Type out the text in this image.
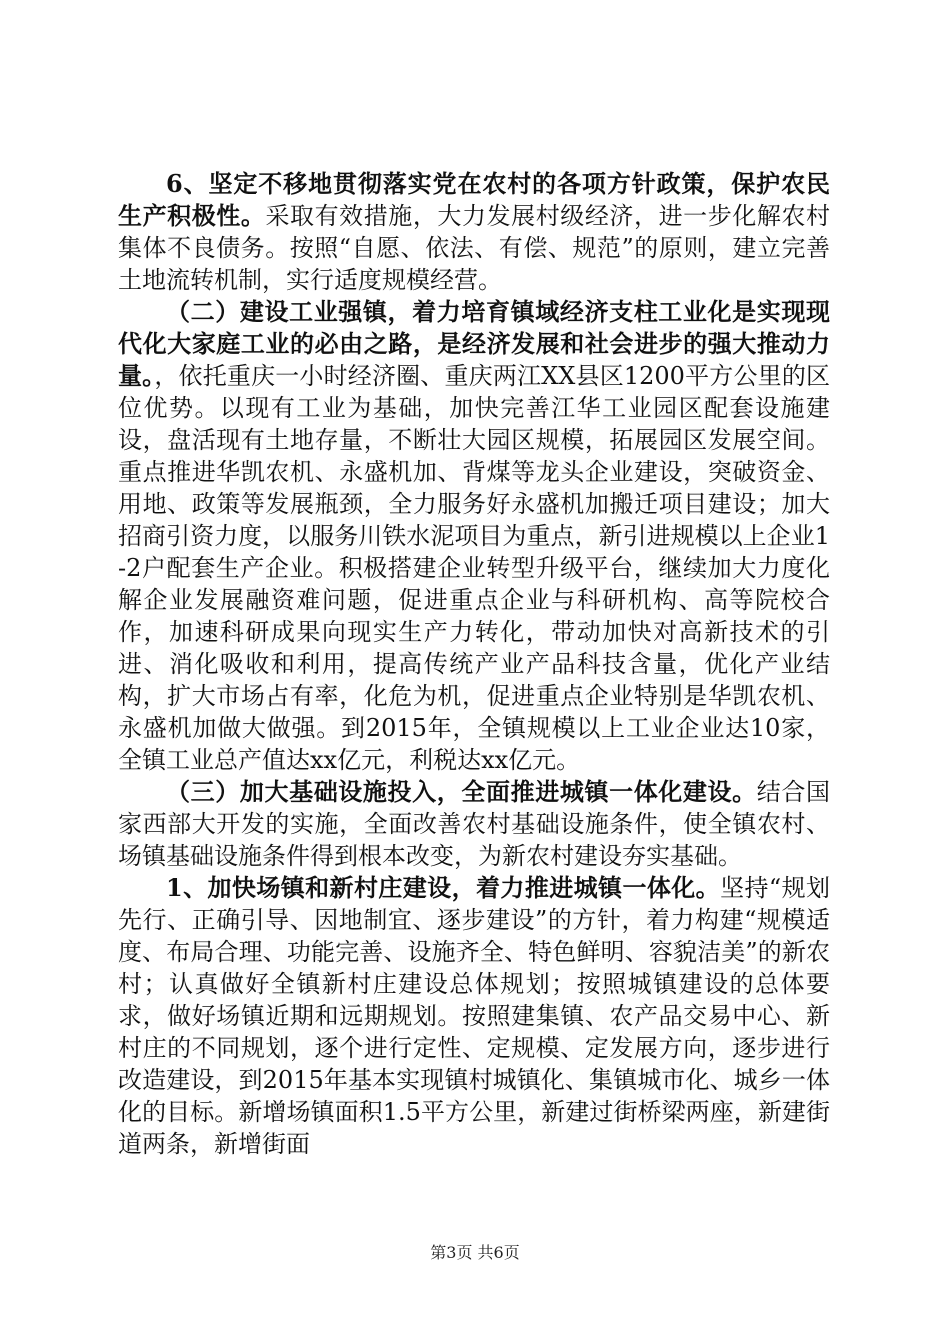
6、坚定不移地贯彻落实党在农村的各项方针政策，保护农民生产积极性。采取有效措施，大力发展村级经济，进一步化解农村集体不良债务。按照“自愿、依法、有偿、规范”的原则，建立完善土地流转机制，实行适度规模经营。

（二）建设工业强镇，着力培育镇域经济支柱工业化是实现现代化大家庭工业的必由之路，是经济发展和社会进步的强大推动力量。，依托重庆一小时经济圈、重庆两江XX县区1200平方公里的区位优势。以现有工业为基础，加快完善江华工业园区配套设施建设，盘活现有土地存量，不断壮大园区规模，拓展园区发展空间。重点推进华凯农机、永盛机加、背煤等龙头企业建设，突破资金、用地、政策等发展瓶颈，全力服务好永盛机加搬迁项目建设；加大招商引资力度，以服务川铁水泥项目为重点，新引进规模以上企业1-2户配套生产企业。积极搭建企业转型升级平台，继续加大力度化解企业发展融资难问题，促进重点企业与科研机构、高等院校合作，加速科研成果向现实生产力转化，带动加快对高新技术的引进、消化吸收和利用，提高传统产业产品科技含量，优化产业结构，扩大市场占有率，化危为机，促进重点企业特别是华凯农机、永盛机加做大做强。到2015年，全镇规模以上工业企业达10家，全镇工业总产值达xx亿元，利税达xx亿元。

（三）加大基础设施投入，全面推进城镇一体化建设。结合国家西部大开发的实施，全面改善农村基础设施条件，使全镇农村、场镇基础设施条件得到根本改变，为新农村建设夯实基础。

1、加快场镇和新村庄建设，着力推进城镇一体化。坚持“规划先行、正确引导、因地制宜、逐步建设”的方针，着力构建“规模适度、布局合理、功能完善、设施齐全、特色鲜明、容貌洁美”的新农村；认真做好全镇新村庄建设总体规划；按照城镇建设的总体要求，做好场镇近期和远期规划。按照建集镇、农产品交易中心、新村庄的不同规划，逐个进行定性、定规模、定发展方向，逐步进行改造建设，到2015年基本实现镇村城镇化、集镇城市化、城乡一体化的目标。新增场镇面积1.5平方公里，新建过街桥梁两座，新建街道两条，新增街面

第3页 共6页
